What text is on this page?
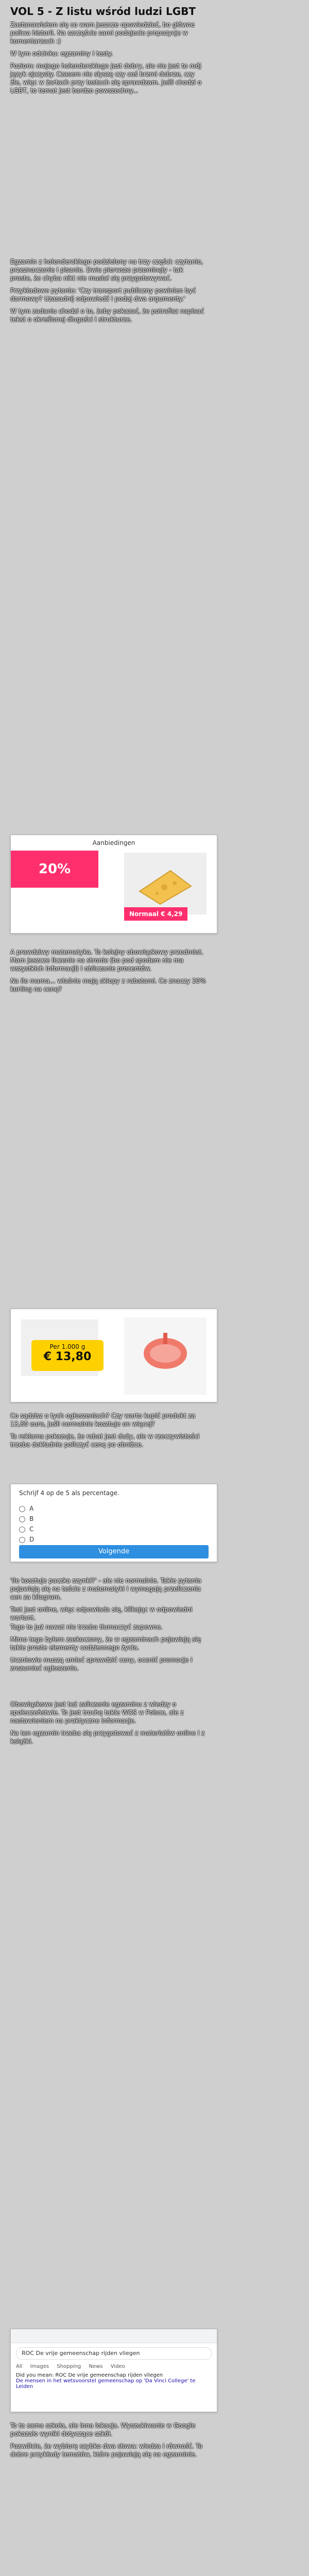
VOL 5 - Z listu wśród ludzi LGBT

Zastanawiałem się co wam jeszcze opowiedzieć, bo główne paliwa historii. Na szczęście sami podajecie propozycje w komentarzach :)

W tym odcinku: egzaminy i testy.

Poziom: mojego holenderskiego jest dobry, ale nie jest to mój język ojczysty. Czasem nie słyszę czy coś brzmi dobrze, czy źle, więc w żartach przy testach się sprawdzam. Jeśli chodzi o LGBT, to temat jest bardzo powszechny...

Egzamin z holenderskiego podzielony na trzy części: czytanie, przeznaczenie i pisanie. Dwie pierwsze przeminęły - tak proste, że chyba nikt nie musiał się przygotowywać.

Przykładowe pytanie: 'Czy transport publiczny powinien być darmowy? Uzasadnij odpowiedź i podaj dwa argumenty.'

W tym zadaniu chodzi o to, żeby pokazać, że potrafisz napisać tekst o określonej długości i strukturze.

Aanbiedingen
20% korting	Normaal € 4,29

A prawdziwy matematyka. To kolejny obowiązkowy przedmiot. Mam jeszcze liczenie na stronie (bo pod spodem nie ma wszystkich informacji) i obliczanie procentów.

Na ile mama... właśnie mają sklepy z rabatami. Co znaczy 20% korting na cenę?

Per 1.000 g
€ 13,80

Co sądzisz o tych ogłoszeniach? Czy warto kupić produkt za 13,80 euro, jeśli normalnie kosztuje on więcej?

Ta reklama pokazuje, że rabat jest duży, ale w rzeczywistości trzeba dokładnie policzyć cenę po obniżce.

Schrijf 4 op de 5 als percentage.
A
B
C
D
Volgende

'Ile kosztuje paczka szynki?' - ale nie normalnie. Takie pytania pojawiają się na teście z matematyki i wymagają przeliczenia cen za kilogram.

Test jest online, więc odpowiada się, klikając w odpowiedni wariant.

Tego to już nawet nie trzeba tłumaczyć zapewne.

Mimo tego byłem zaskoczony, że w egzaminach pojawiają się takie proste elementy codziennego życia.

Uczniowie muszą umieć sprawdzić ceny, ocenić promocje i zrozumieć ogłoszenia.

Obowiązkowe jest też zaliczenie egzaminu z wiedzy o społeczeństwie. To jest trochę takie WOS w Polsce, ale z nastawieniem na praktyczne informacje.

Na ten egzamin trzeba się przygotować z materiałów online i z książki.

ROC De vrije gemeenschap rijden vliegen
All Images Shopping News Video
Did you mean: ROC De vrije gemeenschap rijden vliegen
De mensen in het wetsvoorstel gemeenschap op 'Da Vinci College' te Leiden

To ta sama szkoła, ale inna lokacja. Wyszukiwanie w Google pokazało wyniki dotyczące szkół.

Pozwólcie, że wybiorę szybko dwa słowa: wiedza i równość. To dobre przykłady tematów, które pojawiają się na egzaminie.
